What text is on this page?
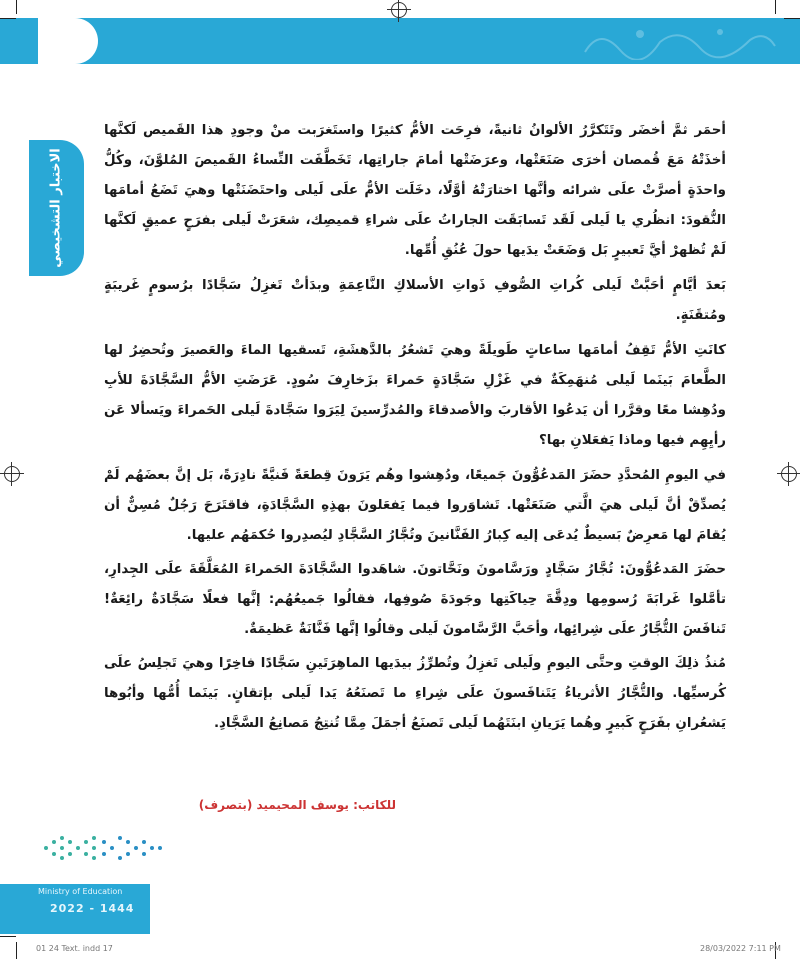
الاختبار التشخيصي

أحمَر ثمَّ أخضَر وتَتَكرَّرُ الألوانُ ثانيةً، فرِحَت الأمُّ كثيرًا واستَغرَبت منْ وجودِ هذا القَميص لَكنَّها أخذَتْهُ مَعَ قُمصان أخرَى صَنَعَتْها، وعرَضَتْها أمامَ جاراتِها، تَخَطَّفَت النِّساءُ القَميصَ المُلوَّنَ، وكُلُّ واحدَةٍ أصرَّتْ علَى شرائه وأنَّها اختارَتْهُ أوَّلًا، دخَلَت الأمُّ علَى لَيلى واحتَضَنَتْها وهيَ تَضَعُ أمامَها النُّقودَ: انظُري يا لَيلى لَقَد تَسابَقَت الجاراتُ علَى شراءِ قميصِك، شعَرَتْ لَيلى بفرَحٍ عميقٍ لَكنَّها لَمْ تُظهرْ أيَّ تَعبيرٍ بَل وَضَعَتْ يدَيها حولَ عُنُقِ أُمِّها.

بَعدَ أيَّامٍ أحَبَّتْ لَيلى كُراتِ الصُّوفِ ذَواتِ الأسلاكِ النَّاعِمَةِ وبدَأتْ تَغزِلُ سَجَّادًا برُسومٍ غَريبَةٍ ومُتقَنَةٍ.

كانَتِ الأمُّ تَقِفُ أمامَها ساعاتٍ طَويلَةً وهيَ تَشعُرُ بالدَّهشَةِ، تَسقيها الماءَ والعَصيرَ وتُحضِرُ لها الطَّعامَ بَينَما لَيلى مُنهَمِكَةٌ في غَزْلِ سَجَّادَةٍ حَمراءَ بزَخارِفَ سُودٍ. عَرَضَتِ الأمُّ السَّجَّادَةَ للأبِ ودُهِشا معًا وقرَّرا أن يَدعُوا الأقاربَ والأصدقاءَ والمُدرِّسينَ لِيَرَوا سَجَّادةَ لَيلى الحَمراءَ ويَسألا عَن رأيِهِم فيها وماذا يَفعَلانِ بها؟

في اليومِ المُحدَّدِ حضَرَ المَدعُوُّونَ جَميعًا، ودُهِشوا وهُم يَرَونَ قِطعَةً فَنيَّةً نادِرَةً، بَل إنَّ بعضَهُم لَمْ يُصدِّقْ أنَّ لَيلى هيَ الَّتي صَنَعَتْها. تَشاوَروا فيما يَفعَلونَ بهذِهِ السَّجَّادَةِ، فاقتَرَحَ رَجُلٌ مُسِنٌّ أن يُقامَ لها مَعرِضٌ بَسيطٌ يُدعَى إليه كِبارُ الفَنَّانينَ وتُجَّارُ السَّجَّادِ ليُصدِروا حُكمَهُم عليها.

حضَرَ المَدعُوُّونَ: تُجَّارُ سَجَّادٍ ورَسَّامونَ ونَحَّاتونَ. شاهَدوا السَّجَّادَةَ الحَمراءَ المُعَلَّقَةَ علَى الجِدارِ، تأمَّلوا غَرابَةَ رُسومِها ودِقَّةَ حِياكَتِها وجَودَةَ صُوفِها، فقالُوا جَميعُهُم: إنَّها فعلًا سَجَّادَةٌ رائِعَةٌ! تَنافَسَ التُّجَّارُ علَى شِرائِها، وأحَبَّ الرَّسَّامونَ لَيلى وقالُوا إنَّها فَنَّانَةٌ عَظيمَةٌ.

مُنذُ ذلِكَ الوقتِ وحتَّى اليومِ ولَيلى تَغزِلُ وتُطرِّزُ بيدَيها الماهِرَتَينِ سَجَّادًا فاخِرًا وهيَ تَجلِسُ علَى كُرسيِّها. والتُّجَّارُ الأثرياءُ يَتَنافَسونَ علَى شِراءِ ما تَصنَعُهُ يَدا لَيلى بإتقانٍ. بَينَما أُمُّها وأبُوها يَشعُرانِ بفَرَحٍ كَبيرٍ وهُما يَرَيانِ ابنَتَهُما لَيلى تَصنَعُ أجمَلَ مِمَّا تُنتِجُ مَصانِعُ السَّجَّادِ.

للكاتب: يوسف المحيميد (بتصرف)
وزارة التعليم
Ministry of Education
2022 - 1444
01 24 Text. indd 17	28/03/2022 7:11 PM
